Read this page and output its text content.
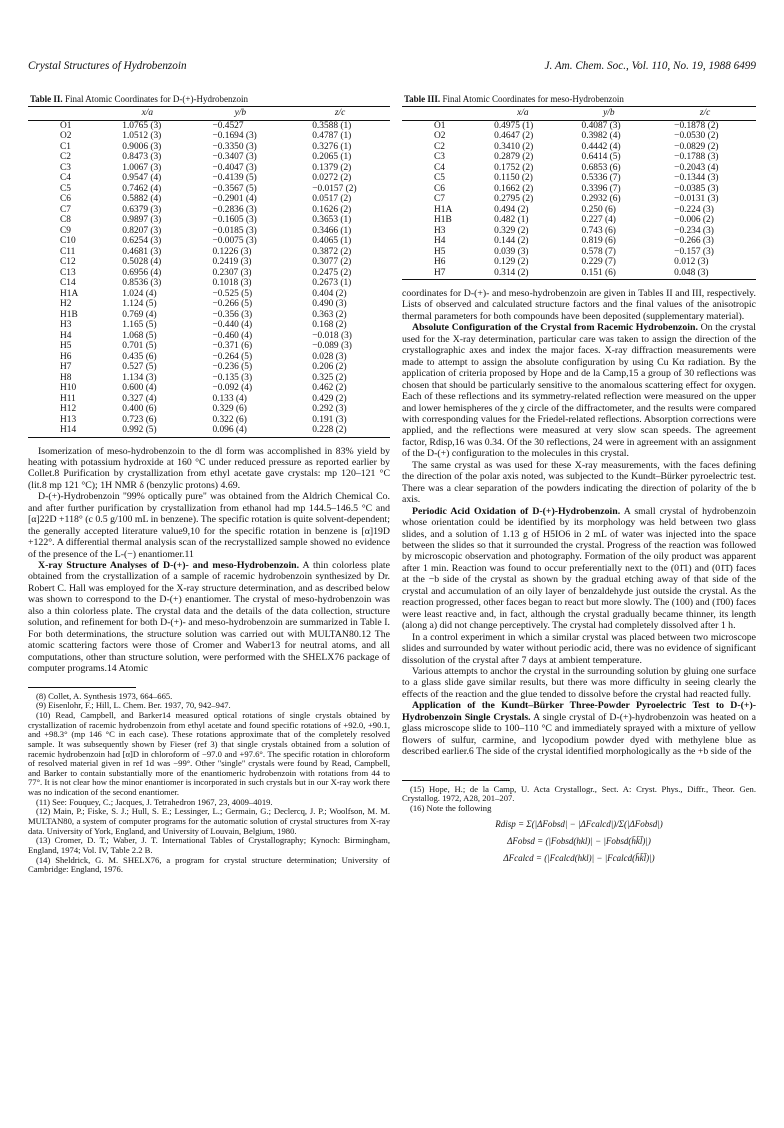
Crystal Structures of Hydrobenzoin	J. Am. Chem. Soc., Vol. 110, No. 19, 1988 6499
Table II. Final Atomic Coordinates for D-(+)-Hydrobenzoin
	x/a	y/b	z/c
O1	1.0765 (3)	−0.4527	0.3588 (1)
O2	1.0512 (3)	−0.1694 (3)	0.4787 (1)
C1	0.9006 (3)	−0.3350 (3)	0.3276 (1)
C2	0.8473 (3)	−0.3407 (3)	0.2065 (1)
C3	1.0067 (3)	−0.4047 (3)	0.1379 (2)
C4	0.9547 (4)	−0.4139 (5)	0.0272 (2)
C5	0.7462 (4)	−0.3567 (5)	−0.0157 (2)
C6	0.5882 (4)	−0.2901 (4)	0.0517 (2)
C7	0.6379 (3)	−0.2836 (3)	0.1626 (2)
C8	0.9897 (3)	−0.1605 (3)	0.3653 (1)
C9	0.8207 (3)	−0.0185 (3)	0.3466 (1)
C10	0.6254 (3)	−0.0075 (3)	0.4065 (1)
C11	0.4681 (3)	0.1226 (3)	0.3872 (2)
C12	0.5028 (4)	0.2419 (3)	0.3077 (2)
C13	0.6956 (4)	0.2307 (3)	0.2475 (2)
C14	0.8536 (3)	0.1018 (3)	0.2673 (1)
H1A	1.024 (4)	−0.525 (5)	0.404 (2)
H2	1.124 (5)	−0.266 (5)	0.490 (3)
H1B	0.769 (4)	−0.356 (3)	0.363 (2)
H3	1.165 (5)	−0.440 (4)	0.168 (2)
H4	1.068 (5)	−0.460 (4)	−0.018 (3)
H5	0.701 (5)	−0.371 (6)	−0.089 (3)
H6	0.435 (6)	−0.264 (5)	0.028 (3)
H7	0.527 (5)	−0.236 (5)	0.206 (2)
H8	1.134 (3)	−0.135 (3)	0.325 (2)
H10	0.600 (4)	−0.092 (4)	0.462 (2)
H11	0.327 (4)	0.133 (4)	0.429 (2)
H12	0.400 (6)	0.329 (6)	0.292 (3)
H13	0.723 (6)	0.322 (6)	0.191 (3)
H14	0.992 (5)	0.096 (4)	0.228 (2)

Isomerization of meso-hydrobenzoin to the dl form was accomplished in 83% yield by heating with potassium hydroxide at 160 °C under reduced pressure as reported earlier by Collet.8 Purification by crystallization from ethyl acetate gave crystals: mp 120–121 °C (lit.8 mp 121 °C); 1H NMR δ (benzylic protons) 4.69.

D-(+)-Hydrobenzoin "99% optically pure" was obtained from the Aldrich Chemical Co. and after further purification by crystallization from ethanol had mp 144.5–146.5 °C and [α]22D +118° (c 0.5 g/100 mL in benzene). The specific rotation is quite solvent-dependent; the generally accepted literature value9,10 for the specific rotation in benzene is [α]19D +122°. A differential thermal analysis scan of the recrystallized sample showed no evidence of the presence of the L-(−) enantiomer.11

X-ray Structure Analyses of D-(+)- and meso-Hydrobenzoin. A thin colorless plate obtained from the crystallization of a sample of racemic hydrobenzoin synthesized by Dr. Robert C. Hall was employed for the X-ray structure determination, and as described below was shown to correspond to the D-(+) enantiomer. The crystal of meso-hydrobenzoin was also a thin colorless plate. The crystal data and the details of the data collection, structure solution, and refinement for both D-(+)- and meso-hydrobenzoin are summarized in Table I. For both determinations, the structure solution was carried out with MULTAN80.12 The atomic scattering factors were those of Cromer and Waber13 for neutral atoms, and all computations, other than structure solution, were performed with the SHELX76 package of computer programs.14 Atomic

(8) Collet, A. Synthesis 1973, 664–665.

(9) Eisenlohr, F.; Hill, L. Chem. Ber. 1937, 70, 942–947.

(10) Read, Campbell, and Barker14 measured optical rotations of single crystals obtained by crystallization of racemic hydrobenzoin from ethyl acetate and found specific rotations of +92.0, +90.1, and +98.3° (mp 146 °C in each case). These rotations approximate that of the completely resolved sample. It was subsequently shown by Fieser (ref 3) that single crystals obtained from a solution of racemic hydrobenzoin had [α]D in chloroform of −97.0 and +97.6°. The specific rotation in chloroform of resolved material given in ref 1d was −99°. Other "single" crystals were found by Read, Campbell, and Barker to contain substantially more of the enantiomeric hydrobenzoin with rotations from 44 to 77°. It is not clear how the minor enantiomer is incorporated in such crystals but in our X-ray work there was no indication of the second enantiomer.

(11) See: Fouquey, C.; Jacques, J. Tetrahedron 1967, 23, 4009–4019.

(12) Main, P.; Fiske, S. J.; Hull, S. E.; Lessinger, L.; Germain, G.; Declercq, J. P.; Woolfson, M. M. MULTAN80, a system of computer programs for the automatic solution of crystal structures from X-ray data. University of York, England, and University of Louvain, Belgium, 1980.

(13) Cromer, D. T.; Waber, J. T. International Tables of Crystallography; Kynoch: Birmingham, England, 1974; Vol. IV, Table 2.2 B.

(14) Sheldrick, G. M. SHELX76, a program for crystal structure determination; University of Cambridge: England, 1976.

Table III. Final Atomic Coordinates for meso-Hydrobenzoin
	x/a	y/b	z/c
O1	0.4975 (1)	0.4087 (3)	−0.1878 (2)
O2	0.4647 (2)	0.3982 (4)	−0.0530 (2)
C2	0.3410 (2)	0.4442 (4)	−0.0829 (2)
C3	0.2879 (2)	0.6414 (5)	−0.1788 (3)
C4	0.1752 (2)	0.6853 (6)	−0.2043 (4)
C5	0.1150 (2)	0.5336 (7)	−0.1344 (3)
C6	0.1662 (2)	0.3396 (7)	−0.0385 (3)
C7	0.2795 (2)	0.2932 (6)	−0.0131 (3)
H1A	0.494 (2)	0.250 (6)	−0.224 (3)
H1B	0.482 (1)	0.227 (4)	−0.006 (2)
H3	0.329 (2)	0.743 (6)	−0.234 (3)
H4	0.144 (2)	0.819 (6)	−0.266 (3)
H5	0.039 (3)	0.578 (7)	−0.157 (3)
H6	0.129 (2)	0.229 (7)	0.012 (3)
H7	0.314 (2)	0.151 (6)	0.048 (3)

coordinates for D-(+)- and meso-hydrobenzoin are given in Tables II and III, respectively. Lists of observed and calculated structure factors and the final values of the anisotropic thermal parameters for both compounds have been deposited (supplementary material).

Absolute Configuration of the Crystal from Racemic Hydrobenzoin. On the crystal used for the X-ray determination, particular care was taken to assign the direction of the crystallographic axes and index the major faces. X-ray diffraction measurements were made to attempt to assign the absolute configuration by using Cu Kα radiation. By the application of criteria proposed by Hope and de la Camp,15 a group of 30 reflections was chosen that should be particularly sensitive to the anomalous scattering effect for oxygen. Each of these reflections and its symmetry-related reflection were measured on the upper and lower hemispheres of the χ circle of the diffractometer, and the results were compared with corresponding values for the Friedel-related reflections. Absorption corrections were applied, and the reflections were measured at very slow scan speeds. The agreement factor, Rdisp,16 was 0.34. Of the 30 reflections, 24 were in agreement with an assignment of the D-(+) configuration to the molecules in this crystal.

The same crystal as was used for these X-ray measurements, with the faces defining the direction of the polar axis noted, was subjected to the Kundt–Bürker pyroelectric test. There was a clear separation of the powders indicating the direction of polarity of the b axis.

Periodic Acid Oxidation of D-(+)-Hydrobenzoin. A small crystal of hydrobenzoin whose orientation could be identified by its morphology was held between two glass slides, and a solution of 1.13 g of H5IO6 in 2 mL of water was injected into the space between the slides so that it surrounded the crystal. Progress of the reaction was followed by microscopic observation and photography. Formation of the oily product was apparent after 1 min. Reaction was found to occur preferentially next to the (01̄1) and (01̄1̄) faces at the −b side of the crystal as shown by the gradual etching away of that side of the crystal and accumulation of an oily layer of benzaldehyde just outside the crystal. As the reaction progressed, other faces began to react but more slowly. The (100) and (1̄00) faces were least reactive and, in fact, although the crystal gradually became thinner, its length (along a) did not change perceptively. The crystal had completely dissolved after 1 h.

In a control experiment in which a similar crystal was placed between two microscope slides and surrounded by water without periodic acid, there was no evidence of significant dissolution of the crystal after 7 days at ambient temperature.

Various attempts to anchor the crystal in the surrounding solution by gluing one surface to a glass slide gave similar results, but there was more difficulty in seeing clearly the effects of the reaction and the glue tended to dissolve before the crystal had reacted fully.

Application of the Kundt–Bürker Three-Powder Pyroelectric Test to D-(+)-Hydrobenzoin Single Crystals. A single crystal of D-(+)-hydrobenzoin was heated on a glass microscope slide to 100–110 °C and immediately sprayed with a mixture of yellow flowers of sulfur, carmine, and lycopodium powder dyed with methylene blue as described earlier.6 The side of the crystal identified morphologically as the +b side of the

(15) Hope, H.; de la Camp, U. Acta Crystallogr., Sect. A: Cryst. Phys., Diffr., Theor. Gen. Crystallog. 1972, A28, 201–207.

(16) Note the following

Rdisp = Σ(|ΔFobsd| − |ΔFcalcd|)/Σ(|ΔFobsd|)
ΔFobsd = (|Fobsd(hkl)| − |Fobsd(h̄k̄l̄)|)
ΔFcalcd = (|Fcalcd(hkl)| − |Fcalcd(h̄k̄l̄)|)
